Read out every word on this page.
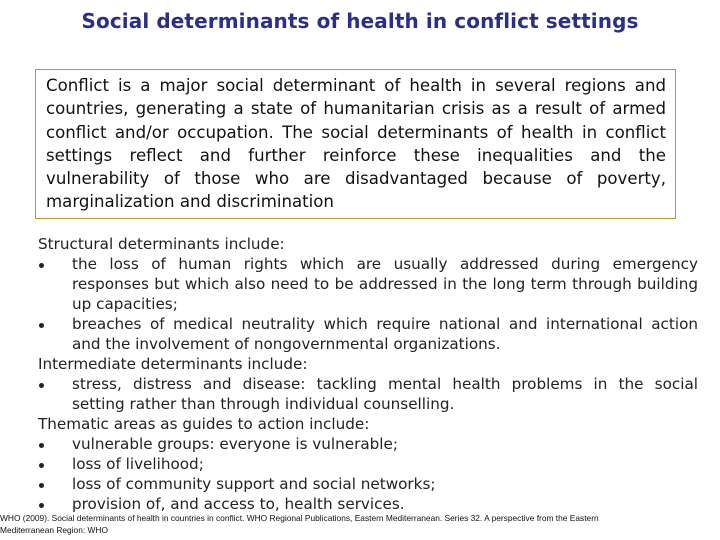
Social determinants of health in conflict settings

Conflict is a major social determinant of health in several regions and countries, generating a state of humanitarian crisis as a result of armed conflict and/or occupation. The social determinants of health in conflict settings reflect and further reinforce these inequalities and the vulnerability of those who are disadvantaged because of poverty, marginalization and discrimination

Structural determinants include:
the loss of human rights which are usually addressed during emergency
responses but which also need to be addressed in the long term through building
up capacities;
breaches of medical neutrality which require national and international action
and the involvement of nongovernmental organizations.
Intermediate determinants include:
stress, distress and disease: tackling mental health problems in the social
setting rather than through individual counselling.
Thematic areas as guides to action include:
vulnerable groups: everyone is vulnerable;
loss of livelihood;
loss of community support and social networks;
provision of, and access to, health services.
WHO (2009). Social determinants of health in countries in conflict. WHO Regional Publications, Eastern Mediterranean. Series 32. A perspective from the Eastern
Mediterranean Region: WHO
